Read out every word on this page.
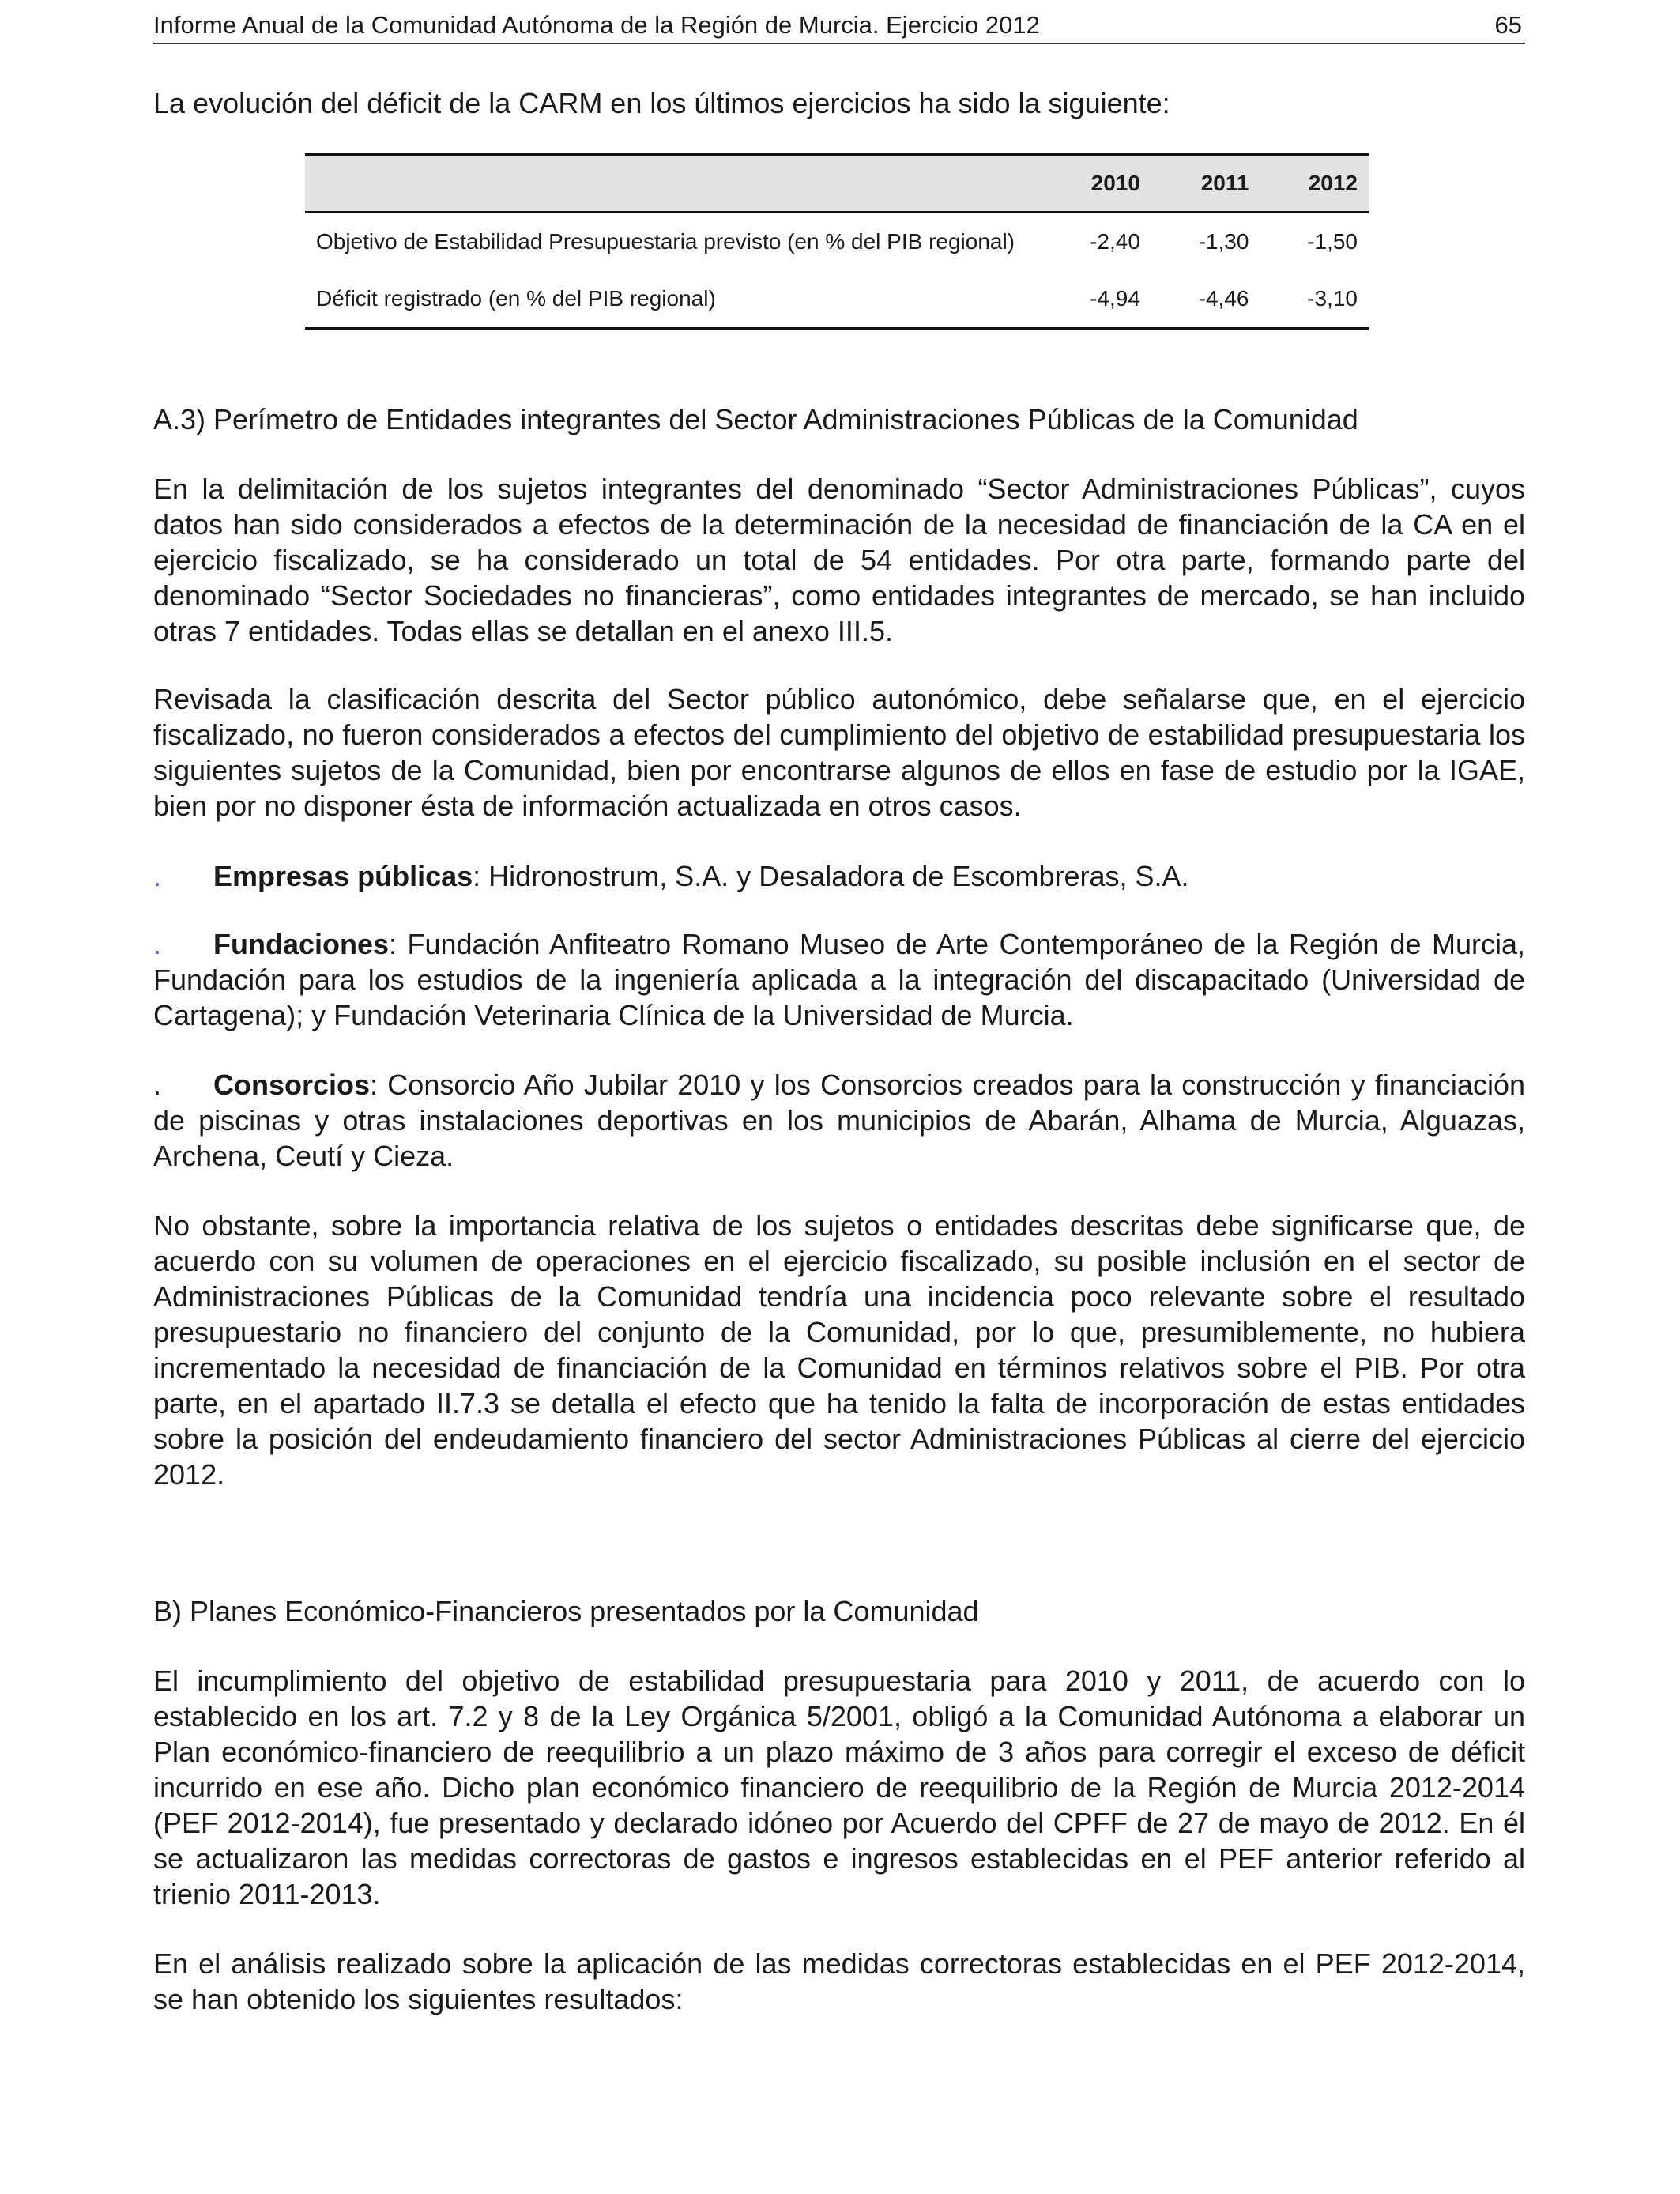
Informe Anual de la Comunidad Autónoma de la Región de Murcia. Ejercicio 2012	65
La evolución del déficit de la CARM en los últimos ejercicios ha sido la siguiente:
	2010	2011	2012
Objetivo de Estabilidad Presupuestaria previsto (en % del PIB regional)	-2,40	-1,30	-1,50
Déficit registrado (en % del PIB regional)	-4,94	-4,46	-3,10
A.3) Perímetro de Entidades integrantes del Sector Administraciones Públicas de la Comunidad
En la delimitación de los sujetos integrantes del denominado “Sector Administraciones Públicas”, cuyos datos han sido considerados a efectos de la determinación de la necesidad de financiación de la CA en el ejercicio fiscalizado, se ha considerado un total de 54 entidades. Por otra parte, formando parte del denominado “Sector Sociedades no financieras”, como entidades integrantes de mercado, se han incluido otras 7 entidades. Todas ellas se detallan en el anexo III.5.
Revisada la clasificación descrita del Sector público autonómico, debe señalarse que, en el ejercicio fiscalizado, no fueron considerados a efectos del cumplimiento del objetivo de estabilidad presupuestaria los siguientes sujetos de la Comunidad, bien por encontrarse algunos de ellos en fase de estudio por la IGAE, bien por no disponer ésta de información actualizada en otros casos.
. Empresas públicas: Hidronostrum, S.A. y Desaladora de Escombreras, S.A.
. Fundaciones: Fundación Anfiteatro Romano Museo de Arte Contemporáneo de la Región de Murcia, Fundación para los estudios de la ingeniería aplicada a la integración del discapacitado (Universidad de Cartagena); y Fundación Veterinaria Clínica de la Universidad de Murcia.
. Consorcios: Consorcio Año Jubilar 2010 y los Consorcios creados para la construcción y financiación de piscinas y otras instalaciones deportivas en los municipios de Abarán, Alhama de Murcia, Alguazas, Archena, Ceutí y Cieza.
No obstante, sobre la importancia relativa de los sujetos o entidades descritas debe significarse que, de acuerdo con su volumen de operaciones en el ejercicio fiscalizado, su posible inclusión en el sector de Administraciones Públicas de la Comunidad tendría una incidencia poco relevante sobre el resultado presupuestario no financiero del conjunto de la Comunidad, por lo que, presumiblemente, no hubiera incrementado la necesidad de financiación de la Comunidad en términos relativos sobre el PIB. Por otra parte, en el apartado II.7.3 se detalla el efecto que ha tenido la falta de incorporación de estas entidades sobre la posición del endeudamiento financiero del sector Administraciones Públicas al cierre del ejercicio 2012.
B) Planes Económico-Financieros presentados por la Comunidad
El incumplimiento del objetivo de estabilidad presupuestaria para 2010 y 2011, de acuerdo con lo establecido en los art. 7.2 y 8 de la Ley Orgánica 5/2001, obligó a la Comunidad Autónoma a elaborar un Plan económico-financiero de reequilibrio a un plazo máximo de 3 años para corregir el exceso de déficit incurrido en ese año. Dicho plan económico financiero de reequilibrio de la Región de Murcia 2012-2014 (PEF 2012-2014), fue presentado y declarado idóneo por Acuerdo del CPFF de 27 de mayo de 2012. En él se actualizaron las medidas correctoras de gastos e ingresos establecidas en el PEF anterior referido al trienio 2011-2013.
En el análisis realizado sobre la aplicación de las medidas correctoras establecidas en el PEF 2012-2014, se han obtenido los siguientes resultados:
